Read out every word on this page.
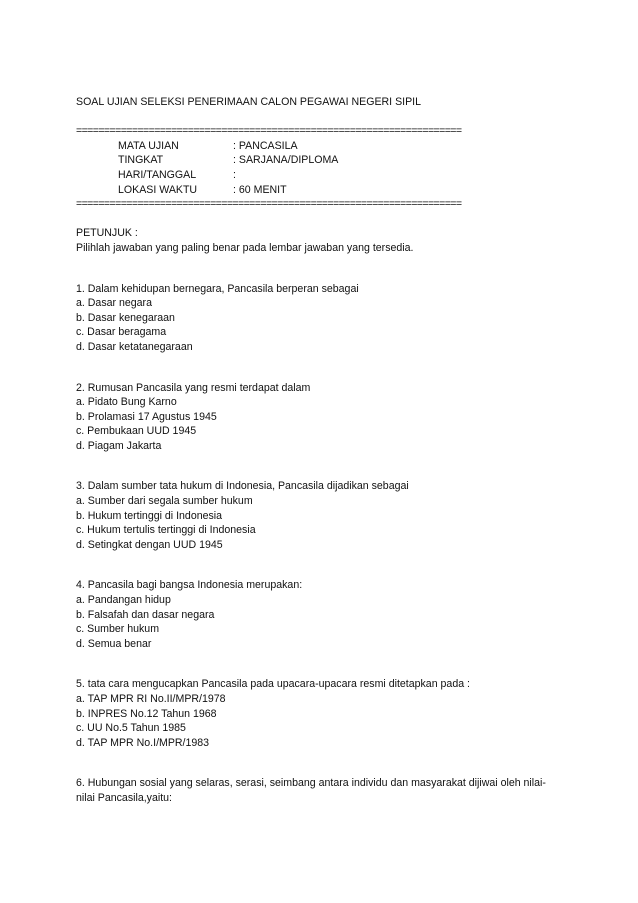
SOAL UJIAN SELEKSI PENERIMAAN CALON PEGAWAI NEGERI SIPIL
=====================================================================
MATA UJIAN	: PANCASILA
TINGKAT	: SARJANA/DIPLOMA
HARI/TANGGAL	:
LOKASI WAKTU	: 60 MENIT
=====================================================================
PETUNJUK :
Pilihlah jawaban yang paling benar pada lembar jawaban yang tersedia.
1. Dalam kehidupan bernegara, Pancasila berperan sebagai
a. Dasar negara
b. Dasar kenegaraan
c. Dasar beragama
d. Dasar ketatanegaraan
2. Rumusan Pancasila yang resmi terdapat dalam
a. Pidato Bung Karno
b. Prolamasi 17 Agustus 1945
c. Pembukaan UUD 1945
d. Piagam Jakarta
3. Dalam sumber tata hukum di Indonesia, Pancasila dijadikan sebagai
a. Sumber dari segala sumber hukum
b. Hukum tertinggi di Indonesia
c. Hukum tertulis tertinggi di Indonesia
d. Setingkat dengan UUD 1945
4. Pancasila bagi bangsa Indonesia merupakan:
a. Pandangan hidup
b. Falsafah dan dasar negara
c. Sumber hukum
d. Semua benar
5. tata cara mengucapkan Pancasila pada upacara-upacara resmi ditetapkan pada :
a. TAP MPR RI No.II/MPR/1978
b. INPRES No.12 Tahun 1968
c. UU No.5 Tahun 1985
d. TAP MPR No.I/MPR/1983
6. Hubungan sosial yang selaras, serasi, seimbang antara individu dan masyarakat dijiwai oleh nilai-
nilai Pancasila,yaitu:
